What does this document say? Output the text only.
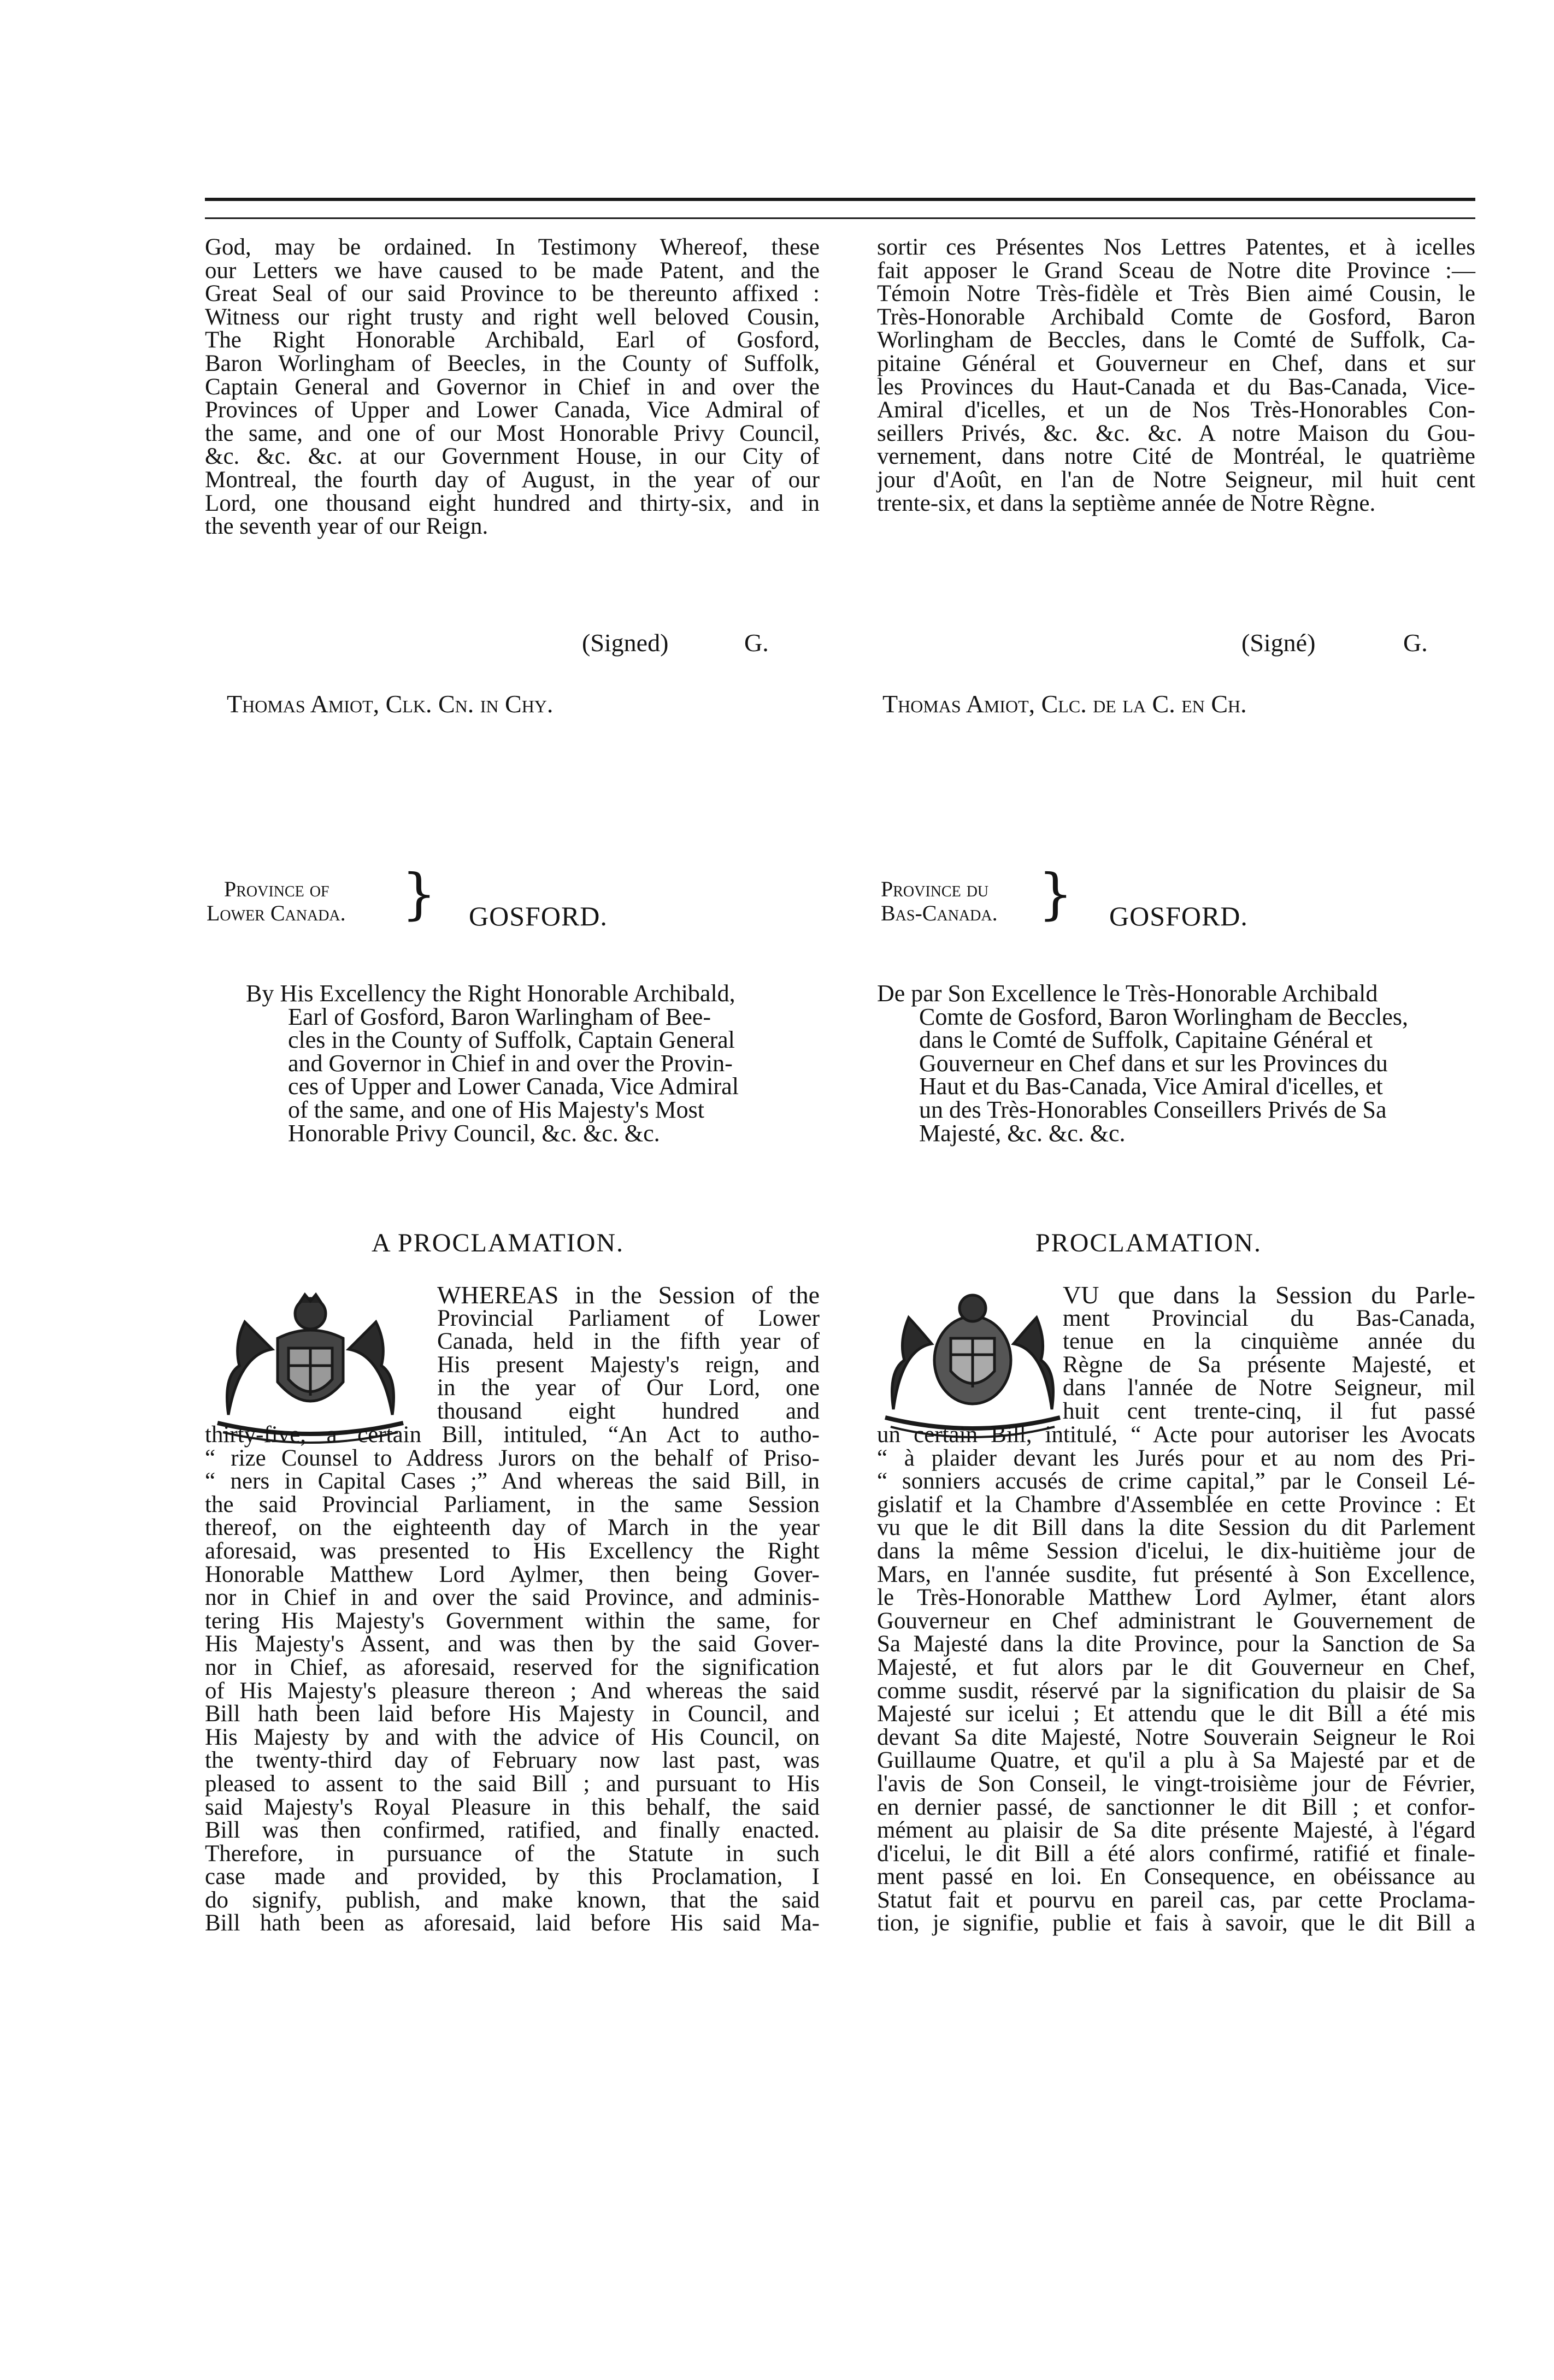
God, may be ordained. In Testimony Whereof, these
our Letters we have caused to be made Patent, and the
Great Seal of our said Province to be thereunto affixed :
Witness our right trusty and right well beloved Cousin,
The Right Honorable Archibald, Earl of Gosford,
Baron Worlingham of Beecles, in the County of Suffolk,
Captain General and Governor in Chief in and over the
Provinces of Upper and Lower Canada, Vice Admiral of
the same, and one of our Most Honorable Privy Council,
&c. &c. &c. at our Government House, in our City of
Montreal, the fourth day of August, in the year of our
Lord, one thousand eight hundred and thirty-six, and in
the seventh year of our Reign.
sortir ces Présentes Nos Lettres Patentes, et à icelles
fait apposer le Grand Sceau de Notre dite Province :—
Témoin Notre Très-fidèle et Très Bien aimé Cousin, le
Très-Honorable Archibald Comte de Gosford, Baron
Worlingham de Beccles, dans le Comté de Suffolk, Ca-
pitaine Général et Gouverneur en Chef, dans et sur
les Provinces du Haut-Canada et du Bas-Canada, Vice-
Amiral d'icelles, et un de Nos Très-Honorables Con-
seillers Privés, &c. &c. &c. A notre Maison du Gou-
vernement, dans notre Cité de Montréal, le quatrième
jour d'Août, en l'an de Notre Seigneur, mil huit cent
trente-six, et dans la septième année de Notre Règne.
(Signed)	G.	(Signé)	G.
Thomas Amiot, Clk. Cn. in Chy.	Thomas Amiot, Clc. de la C. en Ch.
Province of
Lower Canada. } GOSFORD.
Province du
Bas-Canada. } GOSFORD.
By His Excellency the Right Honorable Archibald,
Earl of Gosford, Baron Warlingham of Bee-
cles in the County of Suffolk, Captain General
and Governor in Chief in and over the Provin-
ces of Upper and Lower Canada, Vice Admiral
of the same, and one of His Majesty's Most
Honorable Privy Council, &c. &c. &c.
De par Son Excellence le Très-Honorable Archibald
Comte de Gosford, Baron Worlingham de Beccles,
dans le Comté de Suffolk, Capitaine Général et
Gouverneur en Chef dans et sur les Provinces du
Haut et du Bas-Canada, Vice Amiral d'icelles, et
un des Très-Honorables Conseillers Privés de Sa
Majesté, &c. &c. &c.
A PROCLAMATION.	PROCLAMATION.
WHEREAS in the Session of the
Provincial Parliament of Lower
Canada, held in the fifth year of
His present Majesty's reign, and
in the year of Our Lord, one
thousand eight hundred and
VU que dans la Session du Parle-
ment Provincial du Bas-Canada,
tenue en la cinquième année du
Règne de Sa présente Majesté, et
dans l'année de Notre Seigneur, mil
huit cent trente-cinq, il fut passé
thirty-five, a certain Bill, intituled, “An Act to autho-
“ rize Counsel to Address Jurors on the behalf of Priso-
“ ners in Capital Cases ;” And whereas the said Bill, in
the said Provincial Parliament, in the same Session
thereof, on the eighteenth day of March in the year
aforesaid, was presented to His Excellency the Right
Honorable Matthew Lord Aylmer, then being Gover-
nor in Chief in and over the said Province, and adminis-
tering His Majesty's Government within the same, for
His Majesty's Assent, and was then by the said Gover-
nor in Chief, as aforesaid, reserved for the signification
of His Majesty's pleasure thereon ; And whereas the said
Bill hath been laid before His Majesty in Council, and
His Majesty by and with the advice of His Council, on
the twenty-third day of February now last past, was
pleased to assent to the said Bill ; and pursuant to His
said Majesty's Royal Pleasure in this behalf, the said
Bill was then confirmed, ratified, and finally enacted.
Therefore, in pursuance of the Statute in such
case made and provided, by this Proclamation, I
do signify, publish, and make known, that the said
Bill hath been as aforesaid, laid before His said Ma-
un certain Bill, intitulé, “ Acte pour autoriser les Avocats
“ à plaider devant les Jurés pour et au nom des Pri-
“ sonniers accusés de crime capital,” par le Conseil Lé-
gislatif et la Chambre d'Assemblée en cette Province : Et
vu que le dit Bill dans la dite Session du dit Parlement
dans la même Session d'icelui, le dix-huitième jour de
Mars, en l'année susdite, fut présenté à Son Excellence,
le Très-Honorable Matthew Lord Aylmer, étant alors
Gouverneur en Chef administrant le Gouvernement de
Sa Majesté dans la dite Province, pour la Sanction de Sa
Majesté, et fut alors par le dit Gouverneur en Chef,
comme susdit, réservé par la signification du plaisir de Sa
Majesté sur icelui ; Et attendu que le dit Bill a été mis
devant Sa dite Majesté, Notre Souverain Seigneur le Roi
Guillaume Quatre, et qu'il a plu à Sa Majesté par et de
l'avis de Son Conseil, le vingt-troisième jour de Février,
en dernier passé, de sanctionner le dit Bill ; et confor-
mément au plaisir de Sa dite présente Majesté, à l'égard
d'icelui, le dit Bill a été alors confirmé, ratifié et finale-
ment passé en loi. En Consequence, en obéissance au
Statut fait et pourvu en pareil cas, par cette Proclama-
tion, je signifie, publie et fais à savoir, que le dit Bill a
